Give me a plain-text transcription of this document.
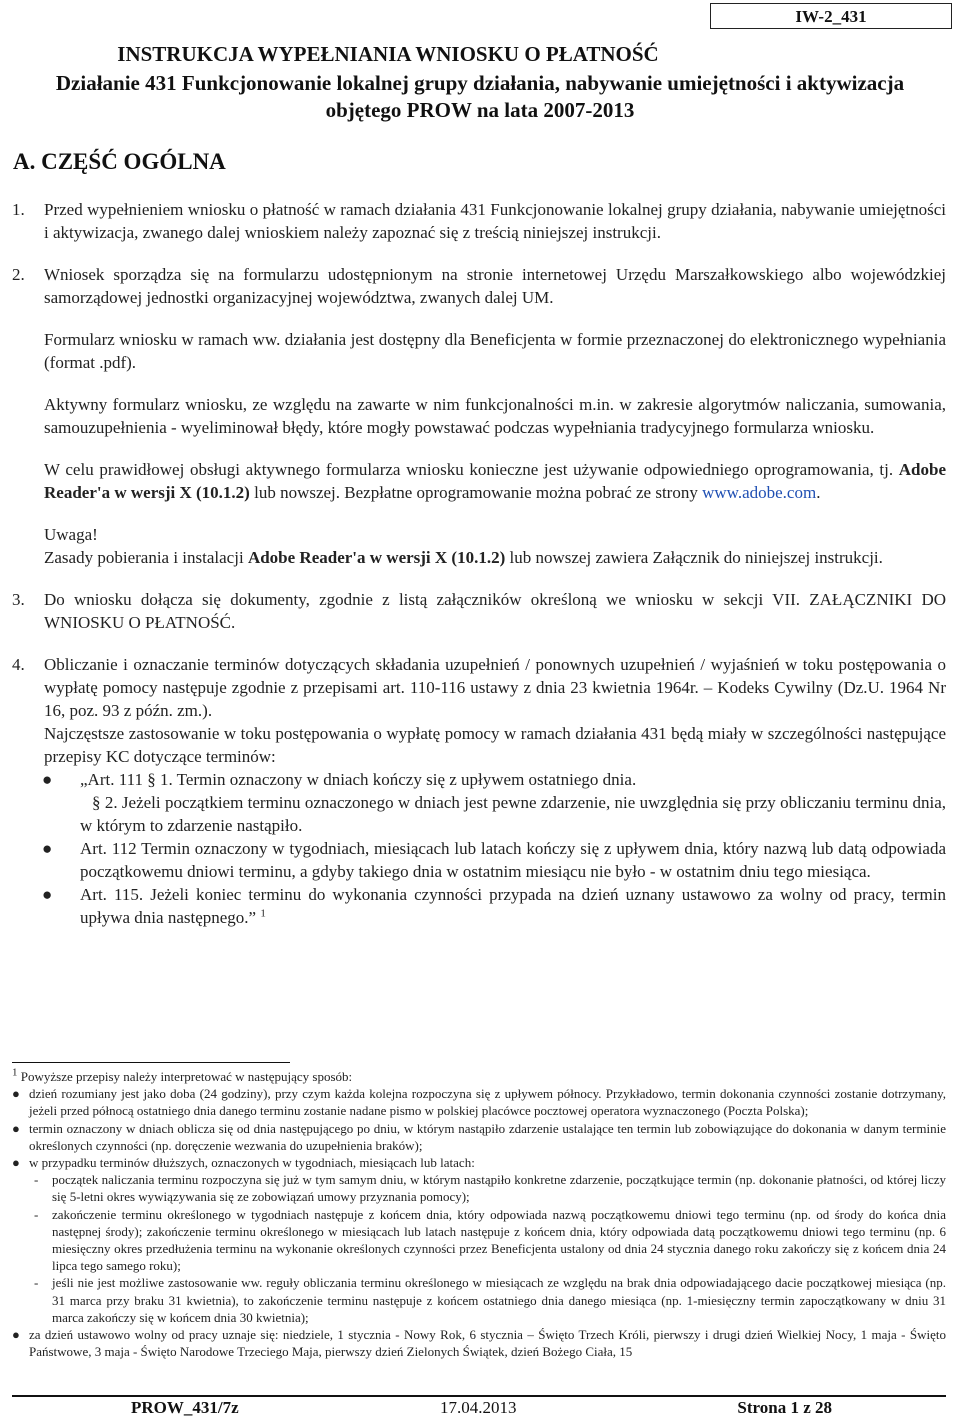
IW-2_431
INSTRUKCJA WYPEŁNIANIA WNIOSKU O PŁATNOŚĆ
Działanie 431 Funkcjonowanie lokalnej grupy działania, nabywanie umiejętności i aktywizacja
objętego PROW na lata 2007-2013
A. CZĘŚĆ OGÓLNA
1. Przed wypełnieniem wniosku o płatność w ramach działania 431 Funkcjonowanie lokalnej grupy działania, nabywanie umiejętności i aktywizacja, zwanego dalej wnioskiem należy zapoznać się z treścią niniejszej instrukcji.
2. Wniosek sporządza się na formularzu udostępnionym na stronie internetowej Urzędu Marszałkowskiego albo wojewódzkiej samorządowej jednostki organizacyjnej województwa, zwanych dalej UM.
Formularz wniosku w ramach ww. działania jest dostępny dla Beneficjenta w formie przeznaczonej do elektronicznego wypełniania (format .pdf).
Aktywny formularz wniosku, ze względu na zawarte w nim funkcjonalności m.in. w zakresie algorytmów naliczania, sumowania, samouzupełnienia - wyeliminował błędy, które mogły powstawać podczas wypełniania tradycyjnego formularza wniosku.
W celu prawidłowej obsługi aktywnego formularza wniosku konieczne jest używanie odpowiedniego oprogramowania, tj. Adobe Reader'a w wersji X (10.1.2) lub nowszej. Bezpłatne oprogramowanie można pobrać ze strony www.adobe.com.
Uwaga!
Zasady pobierania i instalacji Adobe Reader'a w wersji X (10.1.2) lub nowszej zawiera Załącznik do niniejszej instrukcji.
3. Do wniosku dołącza się dokumenty, zgodnie z listą załączników określoną we wniosku w sekcji VII. ZAŁĄCZNIKI DO WNIOSKU O PŁATNOŚĆ.
4. Obliczanie i oznaczanie terminów dotyczących składania uzupełnień / ponownych uzupełnień / wyjaśnień w toku postępowania o wypłatę pomocy następuje zgodnie z przepisami art. 110-116 ustawy z dnia 23 kwietnia 1964r. – Kodeks Cywilny (Dz.U. 1964 Nr 16, poz. 93 z późn. zm.).
Najczęstsze zastosowanie w toku postępowania o wypłatę pomocy w ramach działania 431 będą miały w szczególności następujące przepisy KC dotyczące terminów:
● „Art. 111 § 1. Termin oznaczony w dniach kończy się z upływem ostatniego dnia.
§ 2. Jeżeli początkiem terminu oznaczonego w dniach jest pewne zdarzenie, nie uwzględnia się przy obliczaniu terminu dnia, w którym to zdarzenie nastąpiło.
● Art. 112 Termin oznaczony w tygodniach, miesiącach lub latach kończy się z upływem dnia, który nazwą lub datą odpowiada początkowemu dniowi terminu, a gdyby takiego dnia w ostatnim miesiącu nie było - w ostatnim dniu tego miesiąca.
● Art. 115. Jeżeli koniec terminu do wykonania czynności przypada na dzień uznany ustawowo za wolny od pracy, termin upływa dnia następnego.” $^1$
$^1$ Powyższe przepisy należy interpretować w następujący sposób:
● dzień rozumiany jest jako doba (24 godziny), przy czym każda kolejna rozpoczyna się z upływem północy. Przykładowo, termin dokonania czynności zostanie dotrzymany, jeżeli przed północą ostatniego dnia danego terminu zostanie nadane pismo w polskiej placówce pocztowej operatora wyznaczonego (Poczta Polska);
● termin oznaczony w dniach oblicza się od dnia następującego po dniu, w którym nastąpiło zdarzenie ustalające ten termin lub zobowiązujące do dokonania w danym terminie określonych czynności (np. doręczenie wezwania do uzupełnienia braków);
● w przypadku terminów dłuższych, oznaczonych w tygodniach, miesiącach lub latach:
- początek naliczania terminu rozpoczyna się już w tym samym dniu, w którym nastąpiło konkretne zdarzenie, początkujące termin (np. dokonanie płatności, od której liczy się 5-letni okres wywiązywania się ze zobowiązań umowy przyznania pomocy);
- zakończenie terminu określonego w tygodniach następuje z końcem dnia, który odpowiada nazwą początkowemu dniowi tego terminu (np. od środy do końca dnia następnej środy); zakończenie terminu określonego w miesiącach lub latach następuje z końcem dnia, który odpowiada datą początkowemu dniowi tego terminu (np. 6 miesięczny okres przedłużenia terminu na wykonanie określonych czynności przez Beneficjenta ustalony od dnia 24 stycznia danego roku zakończy się z końcem dnia 24 lipca tego samego roku);
- jeśli nie jest możliwe zastosowanie ww. reguły obliczania terminu określonego w miesiącach ze względu na brak dnia odpowiadającego dacie początkowej miesiąca (np. 31 marca przy braku 31 kwietnia), to zakończenie terminu następuje z końcem ostatniego dnia danego miesiąca (np. 1-miesięczny termin zapoczątkowany w dniu 31 marca zakończy się w końcem dnia 30 kwietnia);
● za dzień ustawowo wolny od pracy uznaje się: niedziele, 1 stycznia - Nowy Rok, 6 stycznia – Święto Trzech Króli, pierwszy i drugi dzień Wielkiej Nocy, 1 maja - Święto Państwowe, 3 maja - Święto Narodowe Trzeciego Maja, pierwszy dzień Zielonych Świątek, dzień Bożego Ciała, 15
PROW_431/7z	17.04.2013	Strona 1 z 28
